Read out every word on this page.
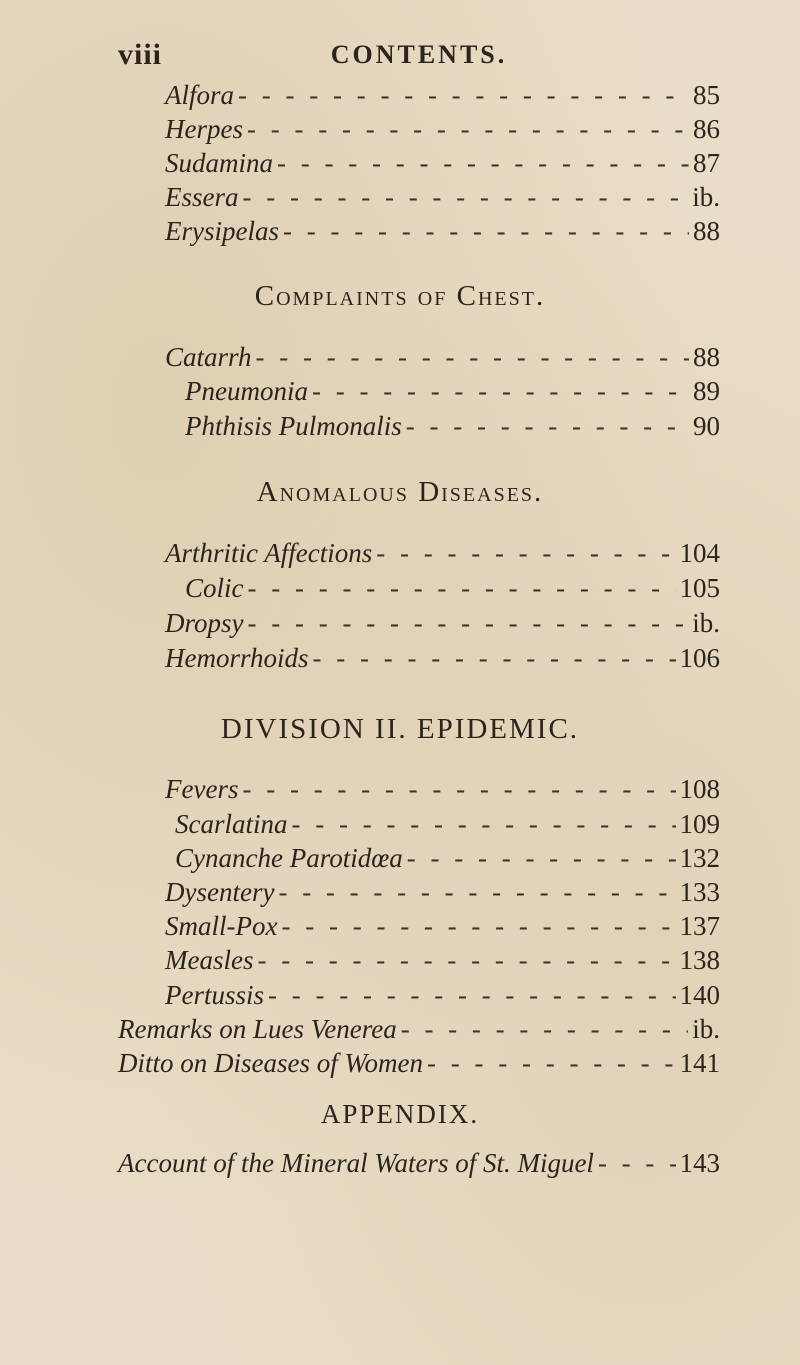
viii	CONTENTS.
Alfora - - -	85
Herpes - - -	86
Sudamina - - -	87
Essera - - -	ib.
Erysipelas - - -	88
Complaints of Chest.
Catarrh - - -	88
Pneumonia - - -	89
Phthisis Pulmonalis - - -	90
Anomalous Diseases.
Arthritic Affections - - -	104
Colic - - -	105
Dropsy - - -	ib.
Hemorrhoids - - -	106
DIVISION II. EPIDEMIC.
Fevers - - -	108
Scarlatina - - -	109
Cynanche Parotidœa - - -	132
Dysentery - - -	133
Small-Pox - - -	137
Measles - - -	138
Pertussis - - -	140
Remarks on Lues Venerea - - -	ib.
Ditto on Diseases of Women - - -	141
APPENDIX.
Account of the Mineral Waters of St. Miguel - - -	143
